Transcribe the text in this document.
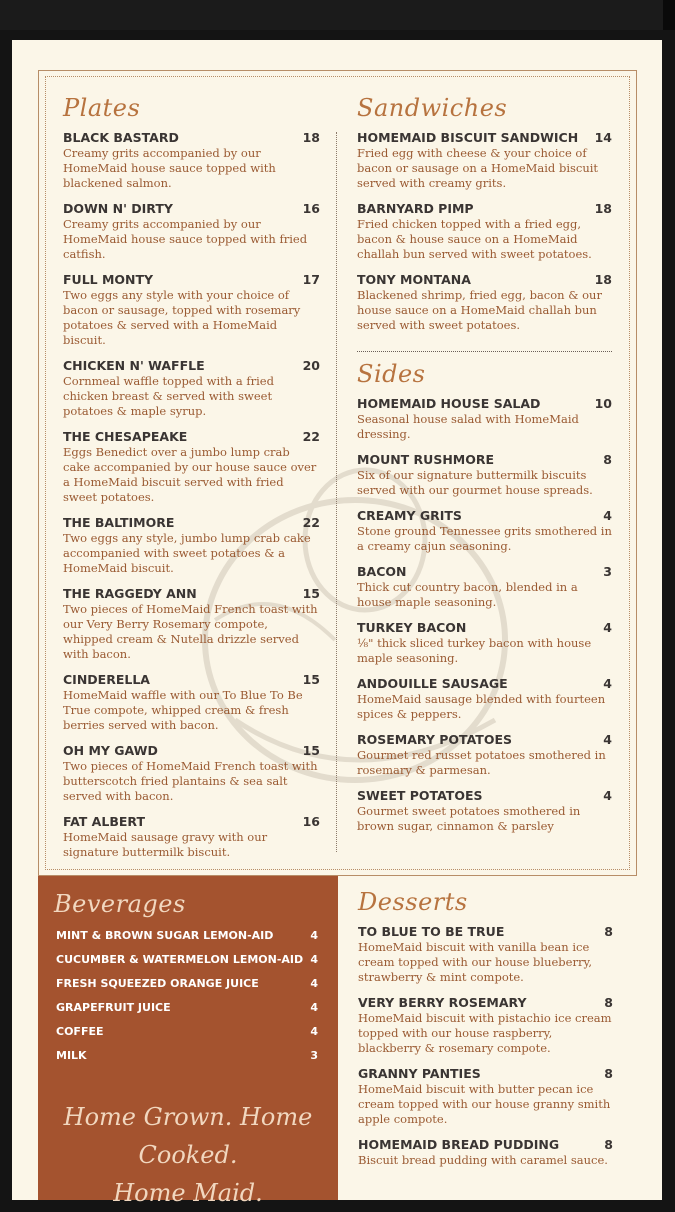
Plates
BLACK BASTARD	18
Creamy grits accompanied by our HomeMaid house sauce topped with blackened salmon.
DOWN N' DIRTY	16
Creamy grits accompanied by our HomeMaid house sauce topped with fried catfish.
FULL MONTY	17
Two eggs any style with your choice of bacon or sausage, topped with rosemary potatoes & served with a HomeMaid biscuit.
CHICKEN N' WAFFLE	20
Cornmeal waffle topped with a fried chicken breast & served with sweet potatoes & maple syrup.
THE CHESAPEAKE	22
Eggs Benedict over a jumbo lump crab cake accompanied by our house sauce over a HomeMaid biscuit served with fried sweet potatoes.
THE BALTIMORE	22
Two eggs any style, jumbo lump crab cake accompanied with sweet potatoes & a HomeMaid biscuit.
THE RAGGEDY ANN	15
Two pieces of HomeMaid French toast with our Very Berry Rosemary compote, whipped cream & Nutella drizzle served with bacon.
CINDERELLA	15
HomeMaid waffle with our To Blue To Be True compote, whipped cream & fresh berries served with bacon.
OH MY GAWD	15
Two pieces of HomeMaid French toast with butterscotch fried plantains & sea salt served with bacon.
FAT ALBERT	16
HomeMaid sausage gravy with our signature buttermilk biscuit.
Sandwiches
HOMEMAID BISCUIT SANDWICH 14
Fried egg with cheese & your choice of bacon or sausage on a HomeMaid biscuit served with creamy grits.
BARNYARD PIMP	18
Fried chicken topped with a fried egg, bacon & house sauce on a HomeMaid challah bun served with sweet potatoes.
TONY MONTANA	18
Blackened shrimp, fried egg, bacon & our house sauce on a HomeMaid challah bun served with sweet potatoes.
Sides
HOMEMAID HOUSE SALAD	10
Seasonal house salad with HomeMaid dressing.
MOUNT RUSHMORE	8
Six of our signature buttermilk biscuits served with our gourmet house spreads.
CREAMY GRITS	4
Stone ground Tennessee grits smothered in a creamy cajun seasoning.
BACON	3
Thick cut country bacon, blended in a house maple seasoning.
TURKEY BACON	4
⅛" thick sliced turkey bacon with house maple seasoning.
ANDOUILLE SAUSAGE	4
HomeMaid sausage blended with fourteen spices & peppers.
ROSEMARY POTATOES	4
Gourmet red russet potatoes smothered in rosemary & parmesan.
SWEET POTATOES	4
Gourmet sweet potatoes smothered in brown sugar, cinnamon & parsley
Beverages
MINT & BROWN SUGAR LEMON-AID	4
CUCUMBER & WATERMELON LEMON-AID 4
FRESH SQUEEZED ORANGE JUICE	4
GRAPEFRUIT JUICE	4
COFFEE	4
MILK	3
Home Grown. Home Cooked.
Home Maid.
Desserts
TO BLUE TO BE TRUE	8
HomeMaid biscuit with vanilla bean ice cream topped with our house blueberry, strawberry & mint compote.
VERY BERRY ROSEMARY	8
HomeMaid biscuit with pistachio ice cream topped with our house raspberry, blackberry & rosemary compote.
GRANNY PANTIES	8
HomeMaid biscuit with butter pecan ice cream topped with our house granny smith apple compote.
HOMEMAID BREAD PUDDING	8
Biscuit bread pudding with caramel sauce.
